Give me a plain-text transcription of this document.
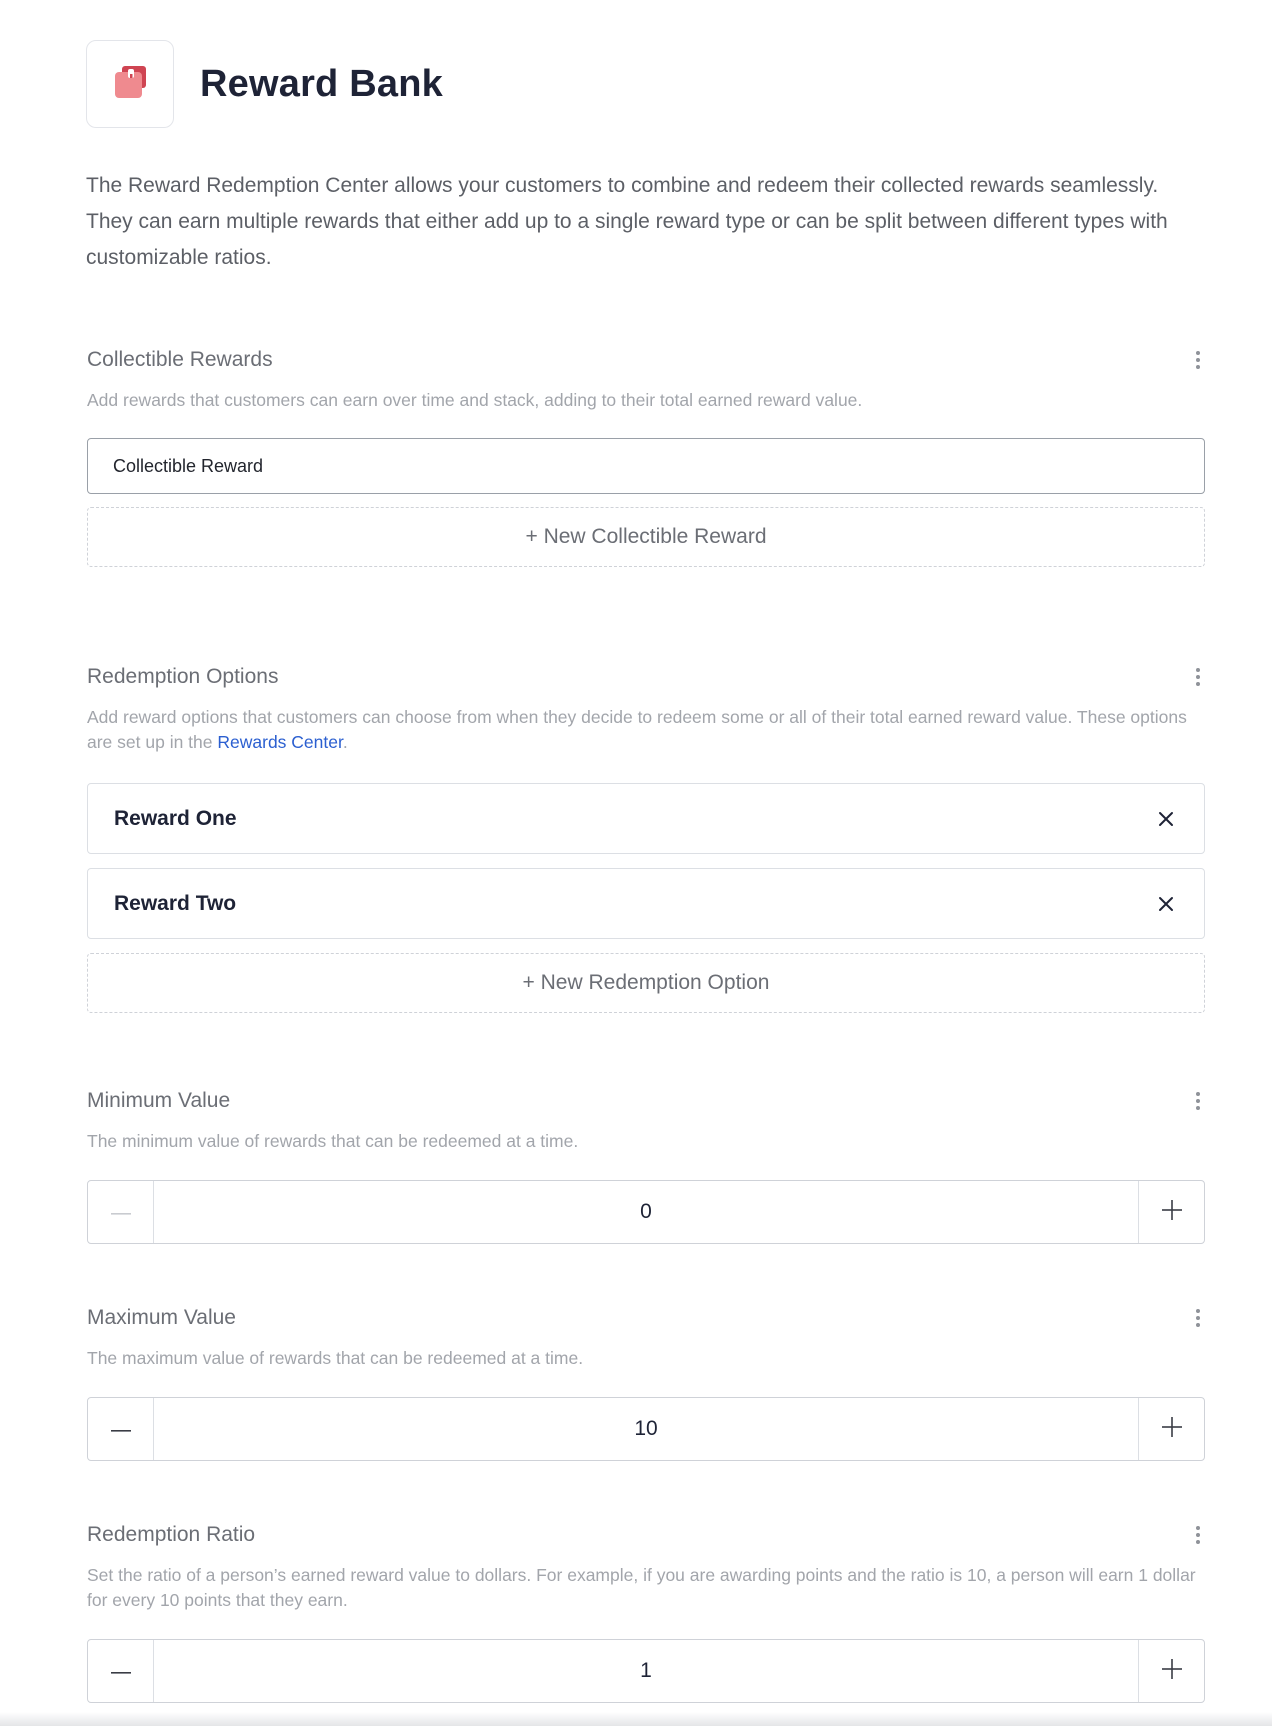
Reward Bank
The Reward Redemption Center allows your customers to combine and redeem their collected rewards seamlessly. They can earn multiple rewards that either add up to a single reward type or can be split between different types with customizable ratios.
Collectible Rewards
Add rewards that customers can earn over time and stack, adding to their total earned reward value.
Collectible Reward
+ New Collectible Reward
Redemption Options
Add reward options that customers can choose from when they decide to redeem some or all of their total earned reward value. These options are set up in the Rewards Center.
Reward One
Reward Two
+ New Redemption Option
Minimum Value
The minimum value of rewards that can be redeemed at a time.
0
Maximum Value
The maximum value of rewards that can be redeemed at a time.
10
Redemption Ratio
Set the ratio of a person’s earned reward value to dollars. For example, if you are awarding points and the ratio is 10, a person will earn 1 dollar for every 10 points that they earn.
1
